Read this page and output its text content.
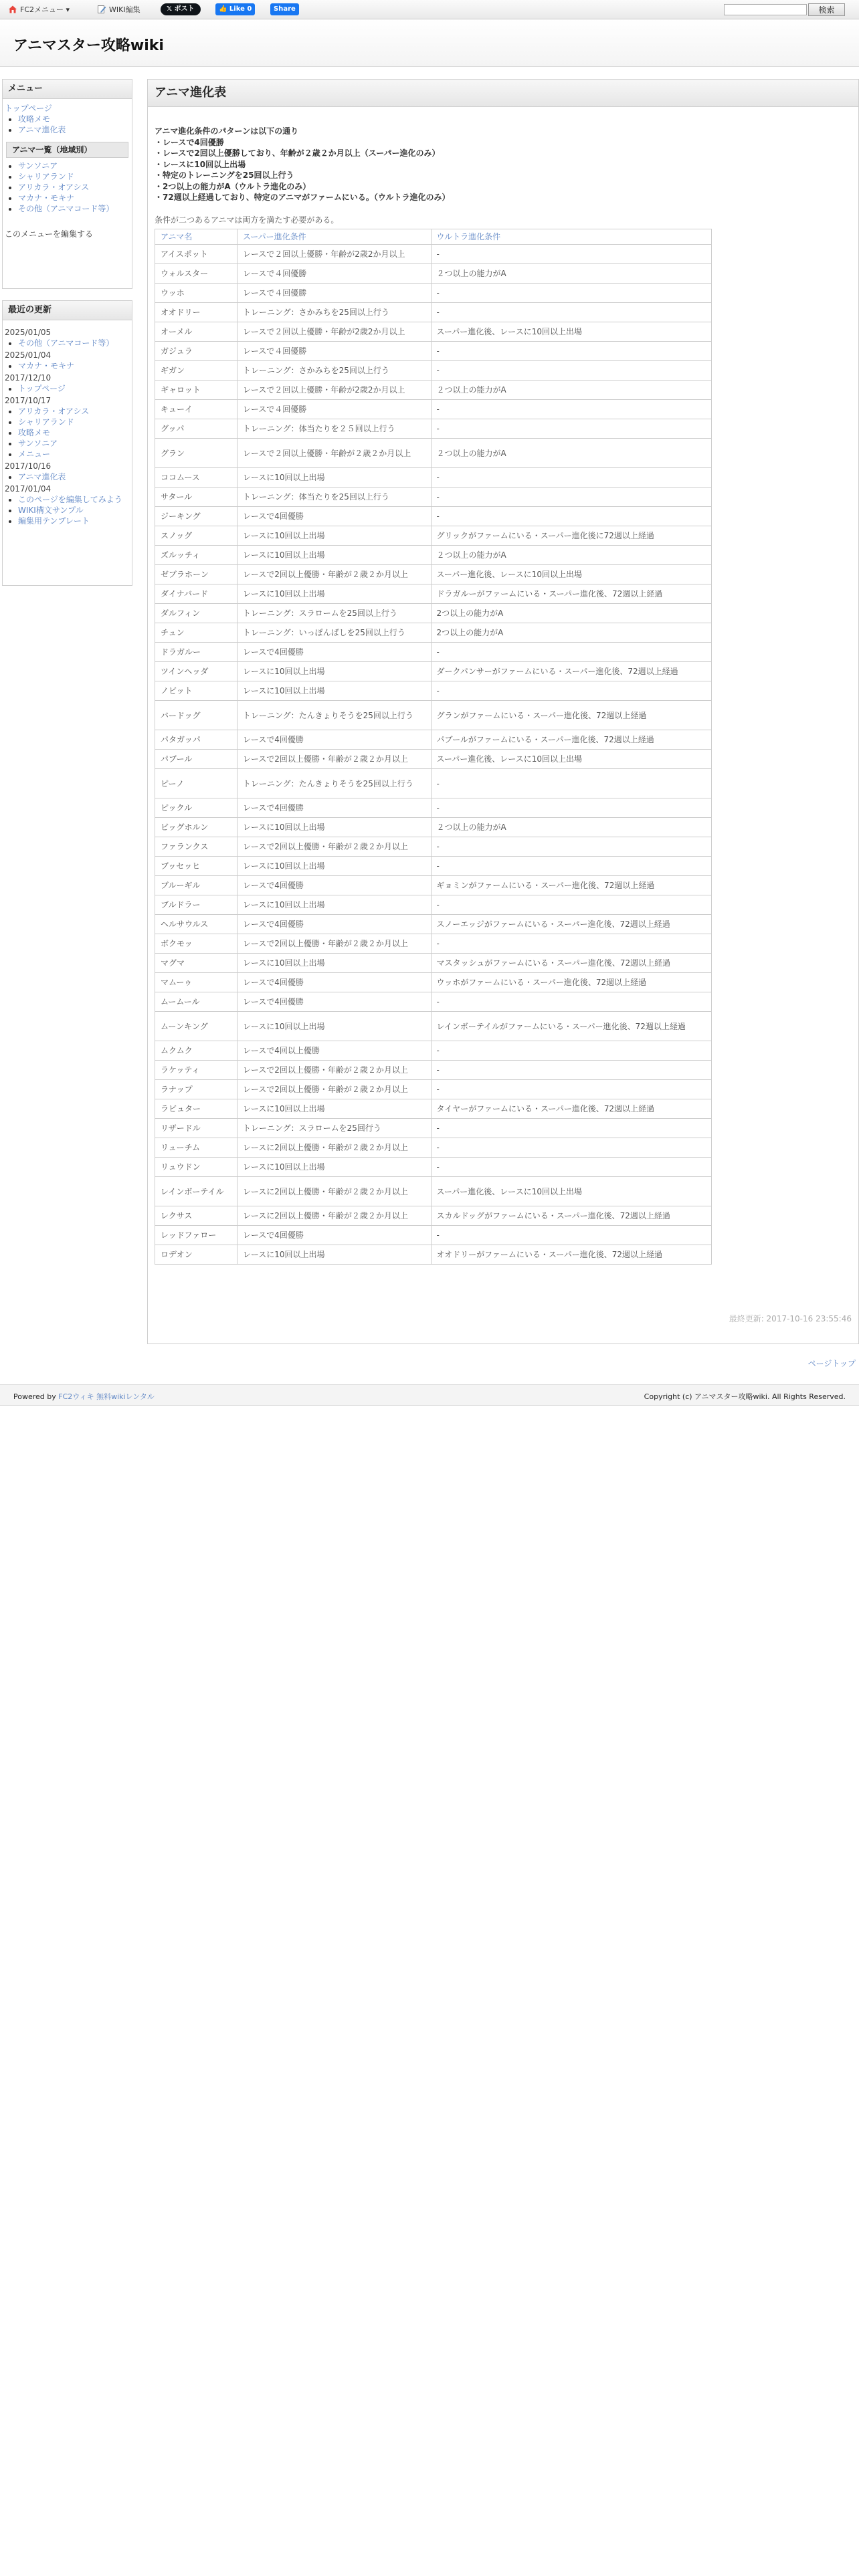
FC2メニュー ▾	WIKI編集	𝕏 ポスト	👍 Like 0	Share	検索
アニマスター攻略wiki
メニュー
トップページ
• 攻略メモ
• アニマ進化表
アニマ一覧（地域別）
• サンソニア
• シャリアランド
• アリカラ・オアシス
• マカナ・モキナ
• その他（アニマコード等）
このメニューを編集する
最近の更新
2025/01/05
• その他（アニマコード等）
2025/01/04
• マカナ・モキナ
2017/12/10
• トップページ
2017/10/17
• アリカラ・オアシス
• シャリアランド
• 攻略メモ
• サンソニア
• メニュー
2017/10/16
• アニマ進化表
2017/01/04
• このページを編集してみよう
• WIKI構文サンプル
• 編集用テンプレート
アニマ進化表
アニマ進化条件のパターンは以下の通り
・レースで4回優勝
・レースで2回以上優勝しており、年齢が２歳２か月以上（スーパー進化のみ）
・レースに10回以上出場
・特定のトレーニングを25回以上行う
・2つ以上の能力がA（ウルトラ進化のみ）
・72週以上経過しており、特定のアニマがファームにいる。（ウルトラ進化のみ）
条件が二つあるアニマは両方を満たす必要がある。
アニマ名	スーパー進化条件	ウルトラ進化条件
アイスポット	レースで２回以上優勝・年齢が2歳2か月以上	-
ウォルスター	レースで４回優勝	２つ以上の能力がA
ウッホ	レースで４回優勝	-
オオドリー	トレーニング：さかみちを25回以上行う	-
オーメル	レースで２回以上優勝・年齢が2歳2か月以上	スーパー進化後、レースに10回以上出場
ガジュラ	レースで４回優勝	-
ギガン	トレーニング：さかみちを25回以上行う	-
ギャロット	レースで２回以上優勝・年齢が2歳2か月以上	２つ以上の能力がA
キューイ	レースで４回優勝	-
グッパ	トレーニング：体当たりを２５回以上行う	-
グラン	レースで２回以上優勝・年齢が２歳２か月以上	２つ以上の能力がA
ココムース	レースに10回以上出場	-
サタール	トレーニング：体当たりを25回以上行う	-
ジーキング	レースで4回優勝	-
スノッグ	レースに10回以上出場	グリックがファームにいる・スーパー進化後に72週以上経過
ズルッチィ	レースに10回以上出場	２つ以上の能力がA
ゼブラホーン	レースで2回以上優勝・年齢が２歳２か月以上	スーパー進化後、レースに10回以上出場
ダイナバード	レースに10回以上出場	ドラガルーがファームにいる・スーパー進化後、72週以上経過
ダルフィン	トレーニング：スラロームを25回以上行う	2つ以上の能力がA
チュン	トレーニング：いっぽんばしを25回以上行う	2つ以上の能力がA
ドラガルー	レースで4回優勝	-
ツインヘッダ	レースに10回以上出場	ダークパンサーがファームにいる・スーパー進化後、72週以上経過
ノビット	レースに10回以上出場	-
バードッグ	トレーニング：たんきょりそうを25回以上行う	グランがファームにいる・スーパー進化後、72週以上経過
パタガッパ	レースで4回優勝	パブールがファームにいる・スーパー進化後、72週以上経過
パブール	レースで2回以上優勝・年齢が２歳２か月以上	スーパー進化後、レースに10回以上出場
ピーノ	トレーニング：たんきょりそうを25回以上行う	-
ピックル	レースで4回優勝	-
ビッグホルン	レースに10回以上出場	２つ以上の能力がA
ファランクス	レースで2回以上優勝・年齢が２歳２か月以上	-
ブッセッヒ	レースに10回以上出場	-
ブルーギル	レースで4回優勝	ギョミンがファームにいる・スーパー進化後、72週以上経過
ブルドラー	レースに10回以上出場	-
ヘルサウルス	レースで4回優勝	スノーエッジがファームにいる・スーパー進化後、72週以上経過
ボクモッ	レースで2回以上優勝・年齢が２歳２か月以上	-
マグマ	レースに10回以上出場	マスタッシュがファームにいる・スーパー進化後、72週以上経過
マムーゥ	レースで4回優勝	ウッホがファームにいる・スーパー進化後、72週以上経過
ムームール	レースで4回優勝	-
ムーンキング	レースに10回以上出場	レインボーテイルがファームにいる・スーパー進化後、72週以上経過
ムクムク	レースで4回以上優勝	-
ラケッティ	レースで2回以上優勝・年齢が２歳２か月以上	-
ラナップ	レースで2回以上優勝・年齢が２歳２か月以上	-
ラビュター	レースに10回以上出場	タイヤーがファームにいる・スーパー進化後、72週以上経過
リザードル	トレーニング：スラロームを25回行う	-
リューチム	レースに2回以上優勝・年齢が２歳２か月以上	-
リュウドン	レースに10回以上出場	-
レインボーテイル	レースに2回以上優勝・年齢が２歳２か月以上	スーパー進化後、レースに10回以上出場
レクサス	レースに2回以上優勝・年齢が２歳２か月以上	スカルドッグがファームにいる・スーパー進化後、72週以上経過
レッドファロー	レースで4回優勝	-
ロデオン	レースに10回以上出場	オオドリーがファームにいる・スーパー進化後、72週以上経過
最終更新: 2017-10-16 23:55:46
ページトップ
Powered by FC2ウィキ 無料wikiレンタル	Copyright (c) アニマスター攻略wiki. All Rights Reserved.
